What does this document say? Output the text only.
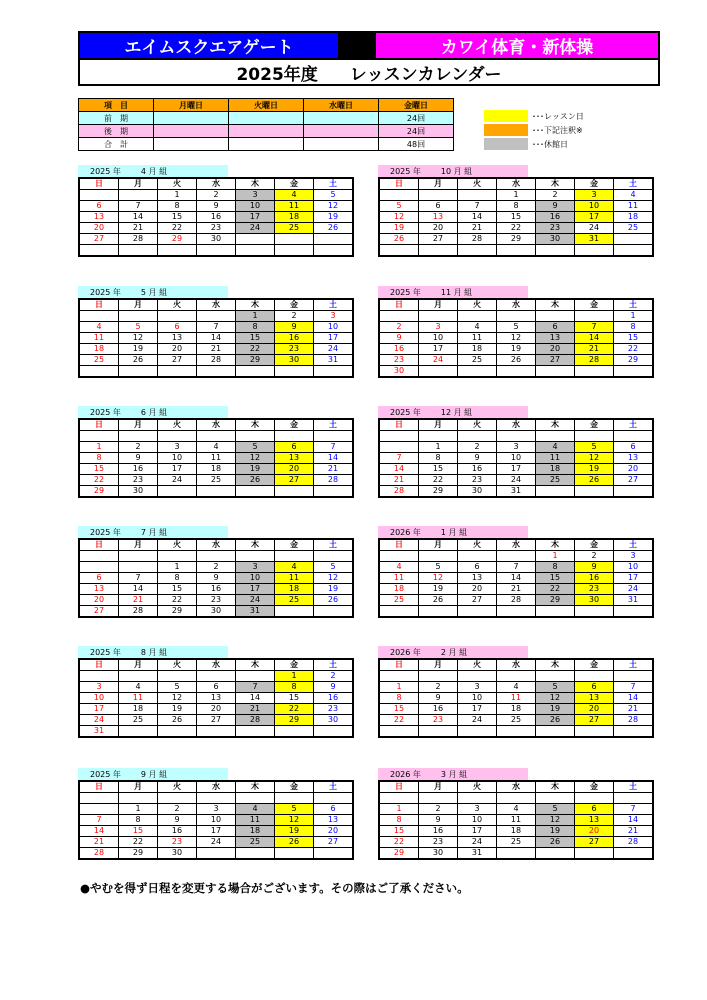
エイムスクエアゲート	カワイ体育・新体操
2025年度 レッスンカレンダー
項　目	月曜日	火曜日	水曜日	金曜日
前　期				24回
後　期				24回
合　計				48回
･･･レッスン日
･･･下記注釈※
･･･休館日
2025 年	4 月 組
日	月	火	水	木	金	土
		1	2	3	4	5
6	7	8	9	10	11	12
13	14	15	16	17	18	19
20	21	22	23	24	25	26
27	28	29	30			

2025 年	5 月 組
日	月	火	水	木	金	土
				1	2	3
4	5	6	7	8	9	10
11	12	13	14	15	16	17
18	19	20	21	22	23	24
25	26	27	28	29	30	31

2025 年	6 月 組
日	月	火	水	木	金	土

1	2	3	4	5	6	7
8	9	10	11	12	13	14
15	16	17	18	19	20	21
22	23	24	25	26	27	28
29	30					
2025 年	7 月 組
日	月	火	水	木	金	土

		1	2	3	4	5
6	7	8	9	10	11	12
13	14	15	16	17	18	19
20	21	22	23	24	25	26
27	28	29	30	31		
2025 年	8 月 組
日	月	火	水	木	金	土
					1	2
3	4	5	6	7	8	9
10	11	12	13	14	15	16
17	18	19	20	21	22	23
24	25	26	27	28	29	30
31						
2025 年	9 月 組
日	月	火	水	木	金	土

	1	2	3	4	5	6
7	8	9	10	11	12	13
14	15	16	17	18	19	20
21	22	23	24	25	26	27
28	29	30				
2025 年	10 月 組
日	月	火	水	木	金	土
			1	2	3	4
5	6	7	8	9	10	11
12	13	14	15	16	17	18
19	20	21	22	23	24	25
26	27	28	29	30	31	

2025 年	11 月 組
日	月	火	水	木	金	土
						1
2	3	4	5	6	7	8
9	10	11	12	13	14	15
16	17	18	19	20	21	22
23	24	25	26	27	28	29
30						
2025 年	12 月 組
日	月	火	水	木	金	土

	1	2	3	4	5	6
7	8	9	10	11	12	13
14	15	16	17	18	19	20
21	22	23	24	25	26	27
28	29	30	31			
2026 年	1 月 組
日	月	火	水	木	金	土
				1	2	3
4	5	6	7	8	9	10
11	12	13	14	15	16	17
18	19	20	21	22	23	24
25	26	27	28	29	30	31

2026 年	2 月 組
日	月	火	水	木	金	土

1	2	3	4	5	6	7
8	9	10	11	12	13	14
15	16	17	18	19	20	21
22	23	24	25	26	27	28

2026 年	3 月 組
日	月	火	水	木	金	土

1	2	3	4	5	6	7
8	9	10	11	12	13	14
15	16	17	18	19	20	21
22	23	24	25	26	27	28
29	30	31				
●やむを得ず日程を変更する場合がございます。その際はご了承ください。
